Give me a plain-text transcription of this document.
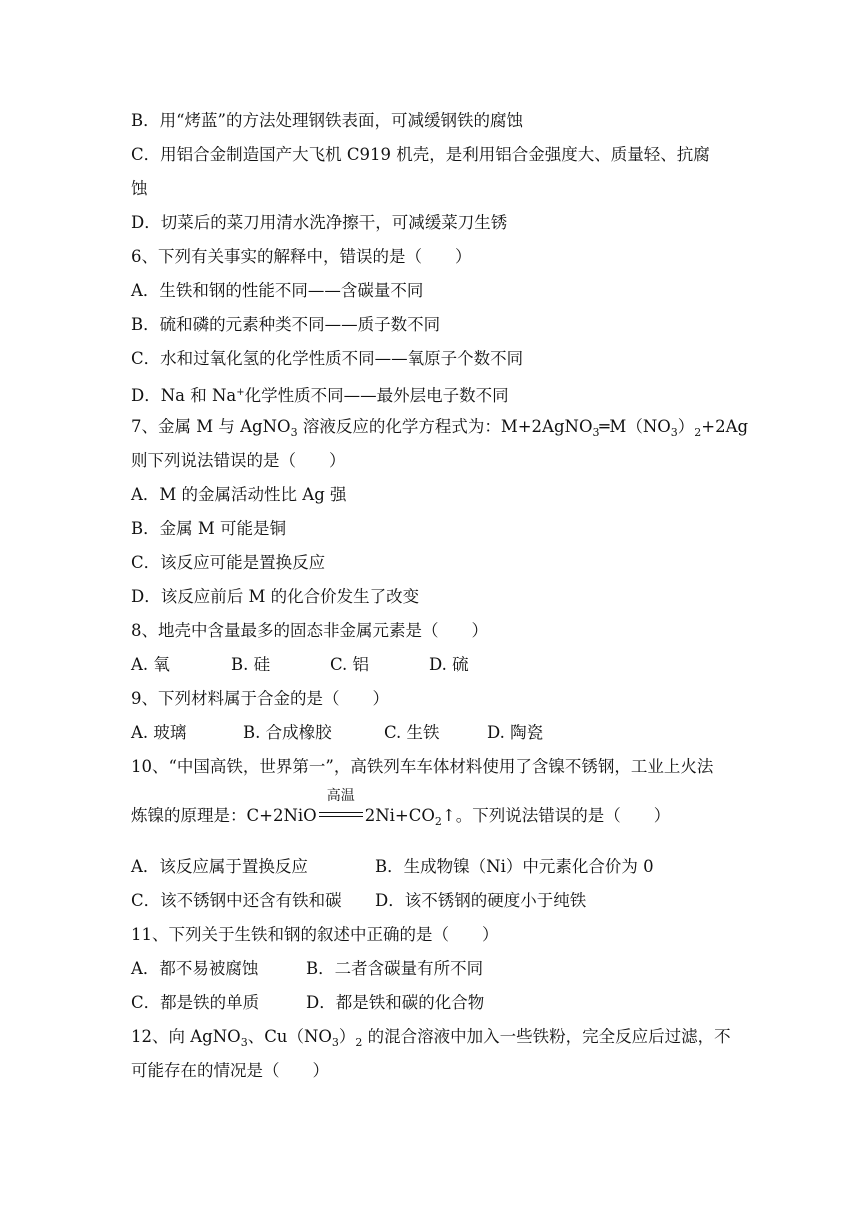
B．用“烤蓝”的方法处理钢铁表面，可减缓钢铁的腐蚀
C．用铝合金制造国产大飞机 C919 机壳，是利用铝合金强度大、质量轻、抗腐
蚀
D．切菜后的菜刀用清水洗净擦干，可减缓菜刀生锈
6、下列有关事实的解释中，错误的是（　　）
A．生铁和钢的性能不同——含碳量不同
B．硫和磷的元素种类不同——质子数不同
C．水和过氧化氢的化学性质不同——氧原子个数不同
D．Na 和 Na+化学性质不同——最外层电子数不同
7、金属 M 与 AgNO$_3$ 溶液反应的化学方程式为：$M+2AgNO_3═M(NO_3)_2+2Ag$
则下列说法错误的是（　　）
A．M 的金属活动性比 Ag 强
B．金属 M 可能是铜
C．该反应可能是置换反应
D．该反应前后 M 的化合价发生了改变
8、地壳中含量最多的固态非金属元素是（　　）
A. 氧	B. 硅	C. 铝	D. 硫
9、下列材料属于合金的是（　　）
A. 玻璃	B. 合成橡胶	C. 生铁	D. 陶瓷
10、“中国高铁，世界第一”，高铁列车车体材料使用了含镍不锈钢，工业上火法
炼镍的原理是：C+2NiO
高温
$2Ni+CO_2↑$。下列说法错误的是（　　）
A．该反应属于置换反应	B．生成物镍（Ni）中元素化合价为 0
C．该不锈钢中还含有铁和碳 D．该不锈钢的硬度小于纯铁
11、下列关于生铁和钢的叙述中正确的是（　　）
A．都不易被腐蚀	B．二者含碳量有所不同
C．都是铁的单质	D．都是铁和碳的化合物
12、向 AgNO$_3$、$Cu(NO_3)_2$ 的混合溶液中加入一些铁粉，完全反应后过滤，不
可能存在的情况是（　　）
